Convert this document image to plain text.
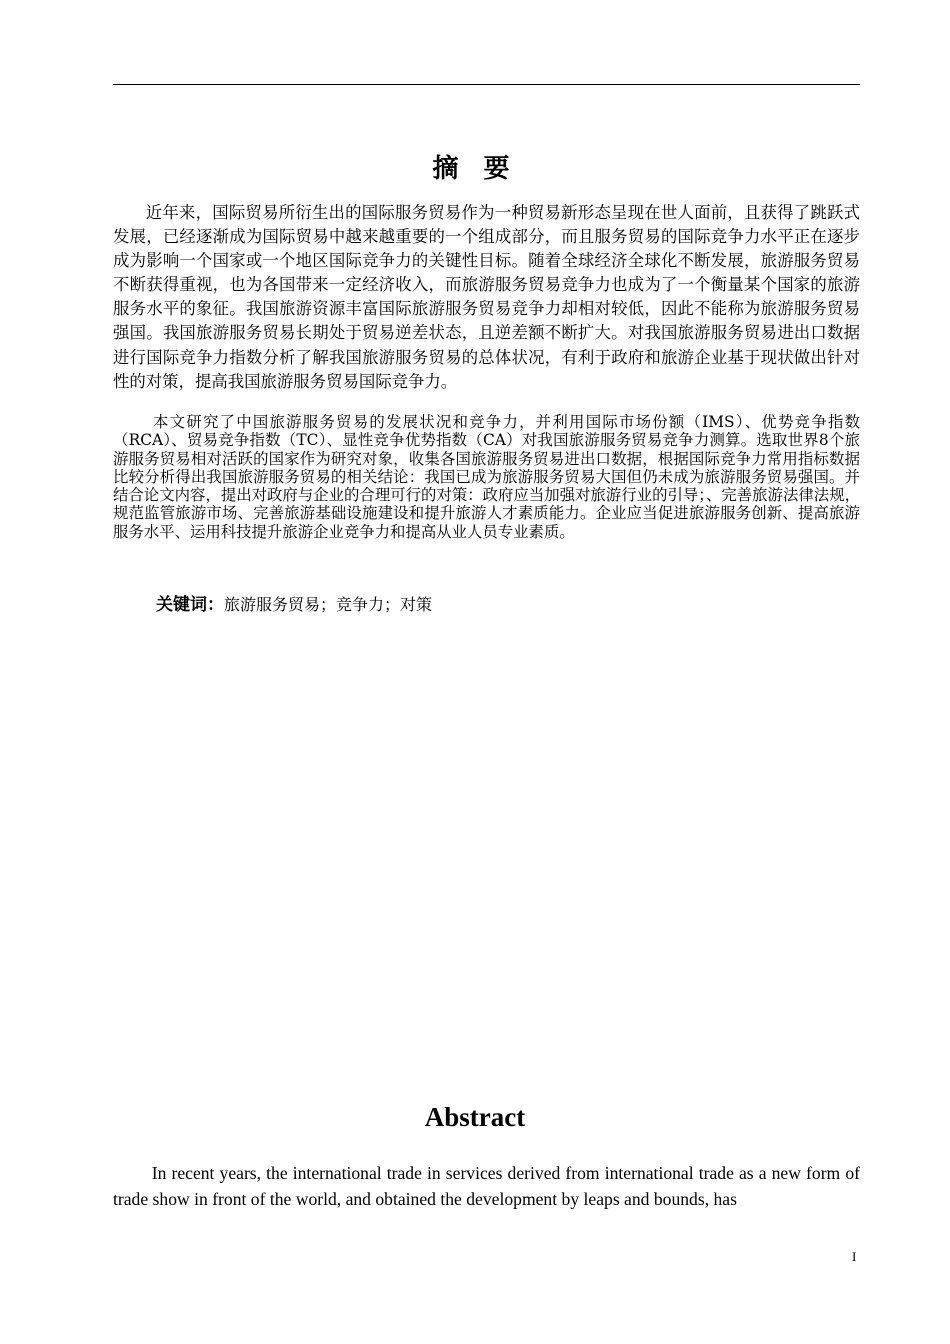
摘 要

近年来，国际贸易所衍生出的国际服务贸易作为一种贸易新形态呈现在世人面前，且获得了跳跃式发展，已经逐渐成为国际贸易中越来越重要的一个组成部分，而且服务贸易的国际竞争力水平正在逐步成为影响一个国家或一个地区国际竞争力的关键性目标。随着全球经济全球化不断发展，旅游服务贸易不断获得重视，也为各国带来一定经济收入，而旅游服务贸易竞争力也成为了一个衡量某个国家的旅游服务水平的象征。我国旅游资源丰富国际旅游服务贸易竞争力却相对较低，因此不能称为旅游服务贸易强国。我国旅游服务贸易长期处于贸易逆差状态，且逆差额不断扩大。对我国旅游服务贸易进出口数据进行国际竞争力指数分析了解我国旅游服务贸易的总体状况，有利于政府和旅游企业基于现状做出针对性的对策，提高我国旅游服务贸易国际竞争力。

本文研究了中国旅游服务贸易的发展状况和竞争力，并利用国际市场份额（IMS）、优势竞争指数（RCA）、贸易竞争指数（TC）、显性竞争优势指数（CA）对我国旅游服务贸易竞争力测算。选取世界8个旅游服务贸易相对活跃的国家作为研究对象，收集各国旅游服务贸易进出口数据，根据国际竞争力常用指标数据比较分析得出我国旅游服务贸易的相关结论：我国已成为旅游服务贸易大国但仍未成为旅游服务贸易强国。并结合论文内容，提出对政府与企业的合理可行的对策：政府应当加强对旅游行业的引导；、完善旅游法律法规，规范监管旅游市场、完善旅游基础设施建设和提升旅游人才素质能力。企业应当促进旅游服务创新、提高旅游服务水平、运用科技提升旅游企业竞争力和提高从业人员专业素质。

关键词：旅游服务贸易；竞争力；对策

Abstract

In recent years, the international trade in services derived from international trade as a new form of trade show in front of the world, and obtained the development by leaps and bounds, has

I
